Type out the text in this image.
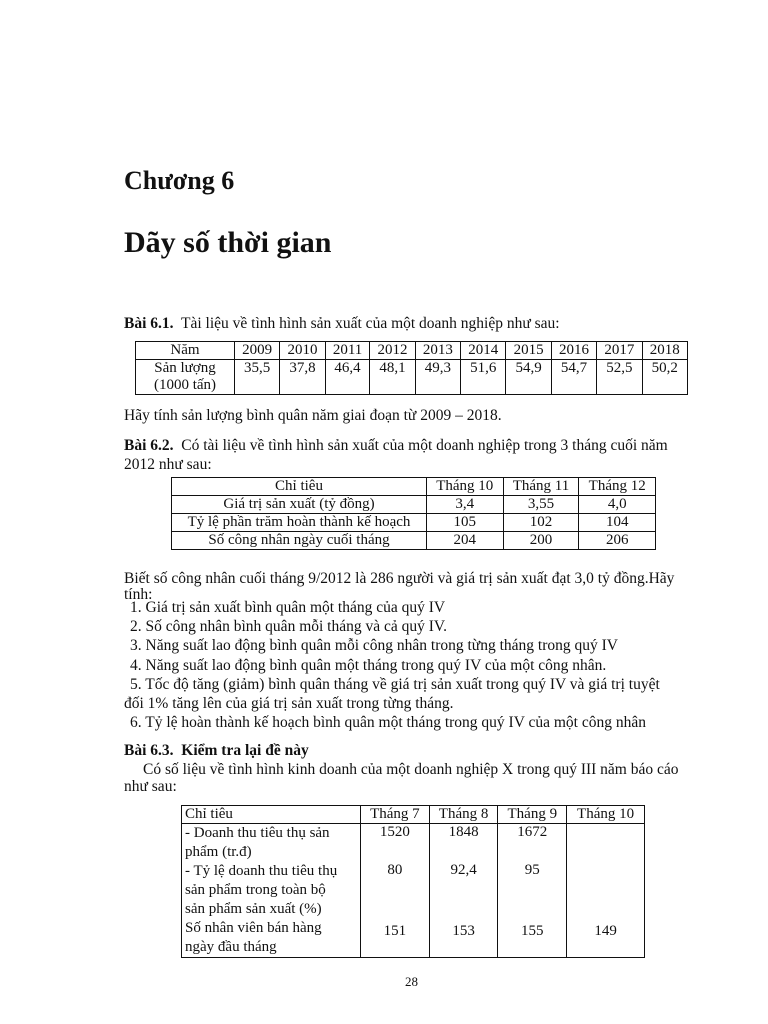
Chương 6
Dãy số thời gian
Bài 6.1. Tài liệu về tình hình sản xuất của một doanh nghiệp như sau:
Năm	2009	2010	2011	2012	2013	2014	2015	2016	2017	2018

Sản lượng
(1000 tấn)	35,5	37,8	46,4	48,1	49,3	51,6	54,9	54,7	52,5	50,2
Hãy tính sản lượng bình quân năm giai đoạn từ 2009 – 2018.
Bài 6.2. Có tài liệu về tình hình sản xuất của một doanh nghiệp trong 3 tháng cuối năm
2012 như sau:
Chỉ tiêu	Tháng 10	Tháng 11	Tháng 12
Giá trị sản xuất (tỷ đồng)	3,4	3,55	4,0
Tỷ lệ phần trăm hoàn thành kế hoạch	105	102	104
Số công nhân ngày cuối tháng	204	200	206
Biết số công nhân cuối tháng 9/2012 là 286 người và giá trị sản xuất đạt 3,0 tỷ đồng.Hãy
tính:
1. Giá trị sản xuất bình quân một tháng của quý IV
2. Số công nhân bình quân mỗi tháng và cả quý IV.
3. Năng suất lao động bình quân mỗi công nhân trong từng tháng trong quý IV
4. Năng suất lao động bình quân một tháng trong quý IV của một công nhân.
5. Tốc độ tăng (giảm) bình quân tháng về giá trị sản xuất trong quý IV và giá trị tuyệt
đối 1% tăng lên của giá trị sản xuất trong từng tháng.
6. Tỷ lệ hoàn thành kế hoạch bình quân một tháng trong quý IV của một công nhân
Bài 6.3. Kiểm tra lại đề này
Có số liệu về tình hình kinh doanh của một doanh nghiệp X trong quý III năm báo cáo
như sau:
Chỉ tiêu	Tháng 7	Tháng 8	Tháng 9	Tháng 10

- Doanh thu tiêu thụ sản
phẩm (tr.đ)	1520	1848	1672	

- Tỷ lệ doanh thu tiêu thụ
sản phẩm trong toàn bộ
sản phẩm sản xuất (%)	80	92,4	95	

Số nhân viên bán hàng
ngày đầu tháng	151	153	155	149
28
